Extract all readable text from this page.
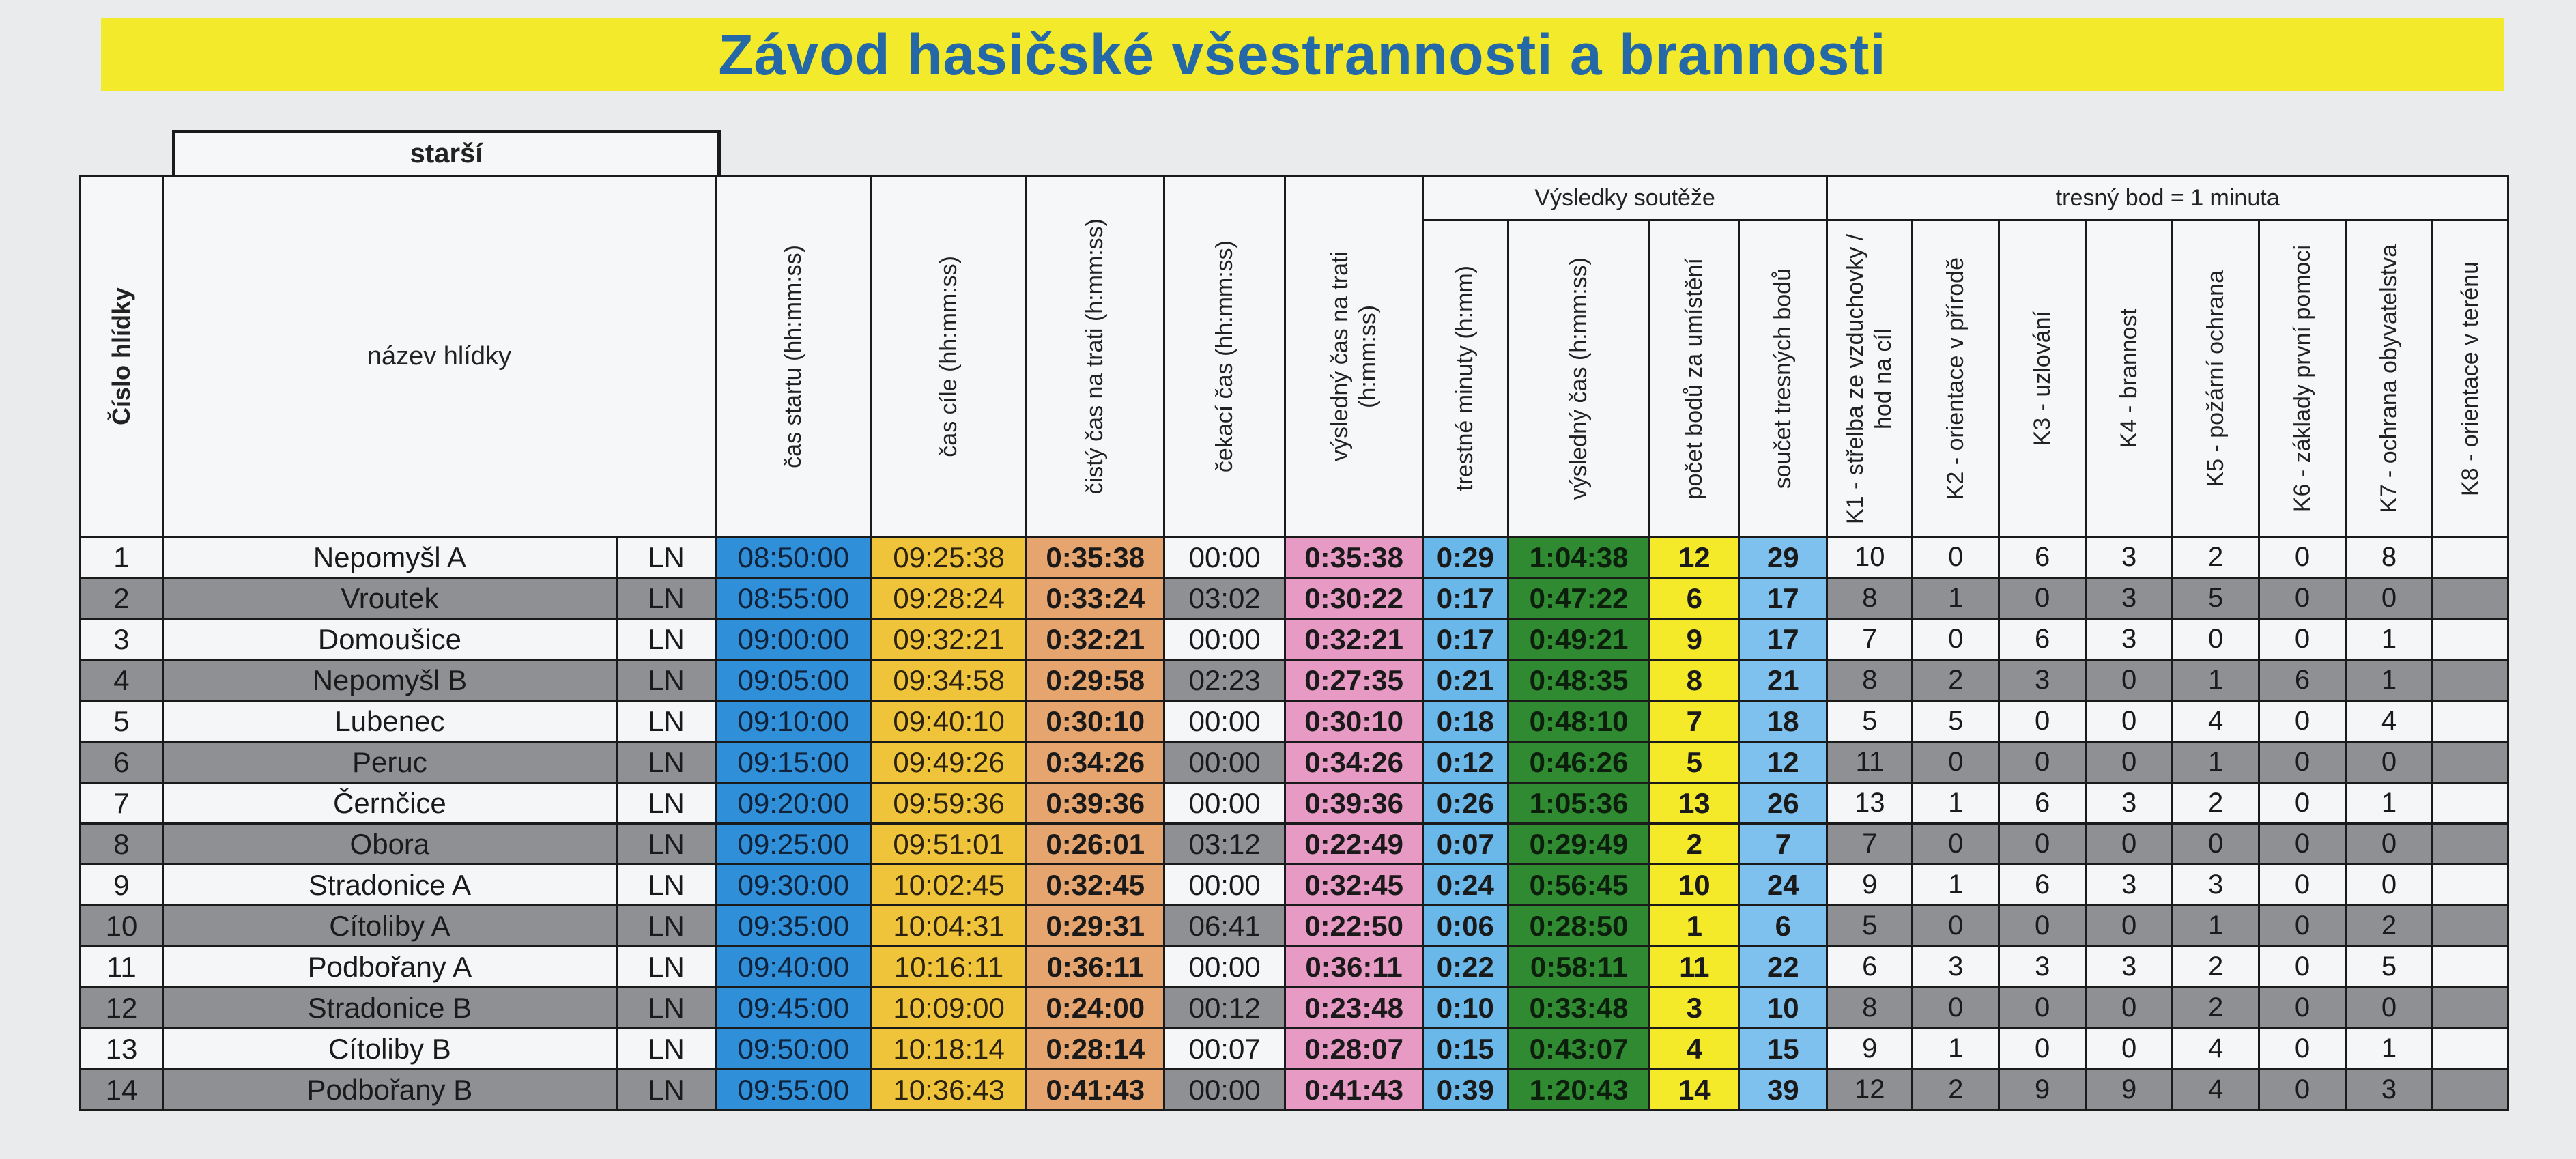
Závod hasičské všestrannosti a brannosti
starší
Číslo hlídky	název hlídky		čas startu (hh:mm:ss)	čas cíle (hh:mm:ss)	čistý čas na trati (h:mm:ss)	čekací čas (hh:mm:ss)	výsledný čas na trati (h:mm:ss)	Výsledky soutěže				tresný bod = 1 minuta							

								trestné minuty (h:mm)	výsledný čas (h:mm:ss)	počet bodů za umístění	součet tresných bodů	K1 - střelba ze vzduchovky / hod na cíl	K2 - orientace v přírodě	K3 - uzlování	K4 - brannost	K5 - požární ochrana	K6 - základy první pomoci	K7 - ochrana obyvatelstva	K8 - orientace v terénu

1	Nepomyšl A	LN	08:50:00	09:25:38	0:35:38	00:00	0:35:38	0:29	1:04:38	12	29	10	0	6	3	2	0	8	
2	Vroutek	LN	08:55:00	09:28:24	0:33:24	03:02	0:30:22	0:17	0:47:22	6	17	8	1	0	3	5	0	0	
3	Domoušice	LN	09:00:00	09:32:21	0:32:21	00:00	0:32:21	0:17	0:49:21	9	17	7	0	6	3	0	0	1	
4	Nepomyšl B	LN	09:05:00	09:34:58	0:29:58	02:23	0:27:35	0:21	0:48:35	8	21	8	2	3	0	1	6	1	
5	Lubenec	LN	09:10:00	09:40:10	0:30:10	00:00	0:30:10	0:18	0:48:10	7	18	5	5	0	0	4	0	4	
6	Peruc	LN	09:15:00	09:49:26	0:34:26	00:00	0:34:26	0:12	0:46:26	5	12	11	0	0	0	1	0	0	
7	Černčice	LN	09:20:00	09:59:36	0:39:36	00:00	0:39:36	0:26	1:05:36	13	26	13	1	6	3	2	0	1	
8	Obora	LN	09:25:00	09:51:01	0:26:01	03:12	0:22:49	0:07	0:29:49	2	7	7	0	0	0	0	0	0	
9	Stradonice A	LN	09:30:00	10:02:45	0:32:45	00:00	0:32:45	0:24	0:56:45	10	24	9	1	6	3	3	0	0	
10	Cítoliby A	LN	09:35:00	10:04:31	0:29:31	06:41	0:22:50	0:06	0:28:50	1	6	5	0	0	0	1	0	2	
11	Podbořany A	LN	09:40:00	10:16:11	0:36:11	00:00	0:36:11	0:22	0:58:11	11	22	6	3	3	3	2	0	5	
12	Stradonice B	LN	09:45:00	10:09:00	0:24:00	00:12	0:23:48	0:10	0:33:48	3	10	8	0	0	0	2	0	0	
13	Cítoliby B	LN	09:50:00	10:18:14	0:28:14	00:07	0:28:07	0:15	0:43:07	4	15	9	1	0	0	4	0	1	
14	Podbořany B	LN	09:55:00	10:36:43	0:41:43	00:00	0:41:43	0:39	1:20:43	14	39	12	2	9	9	4	0	3	
